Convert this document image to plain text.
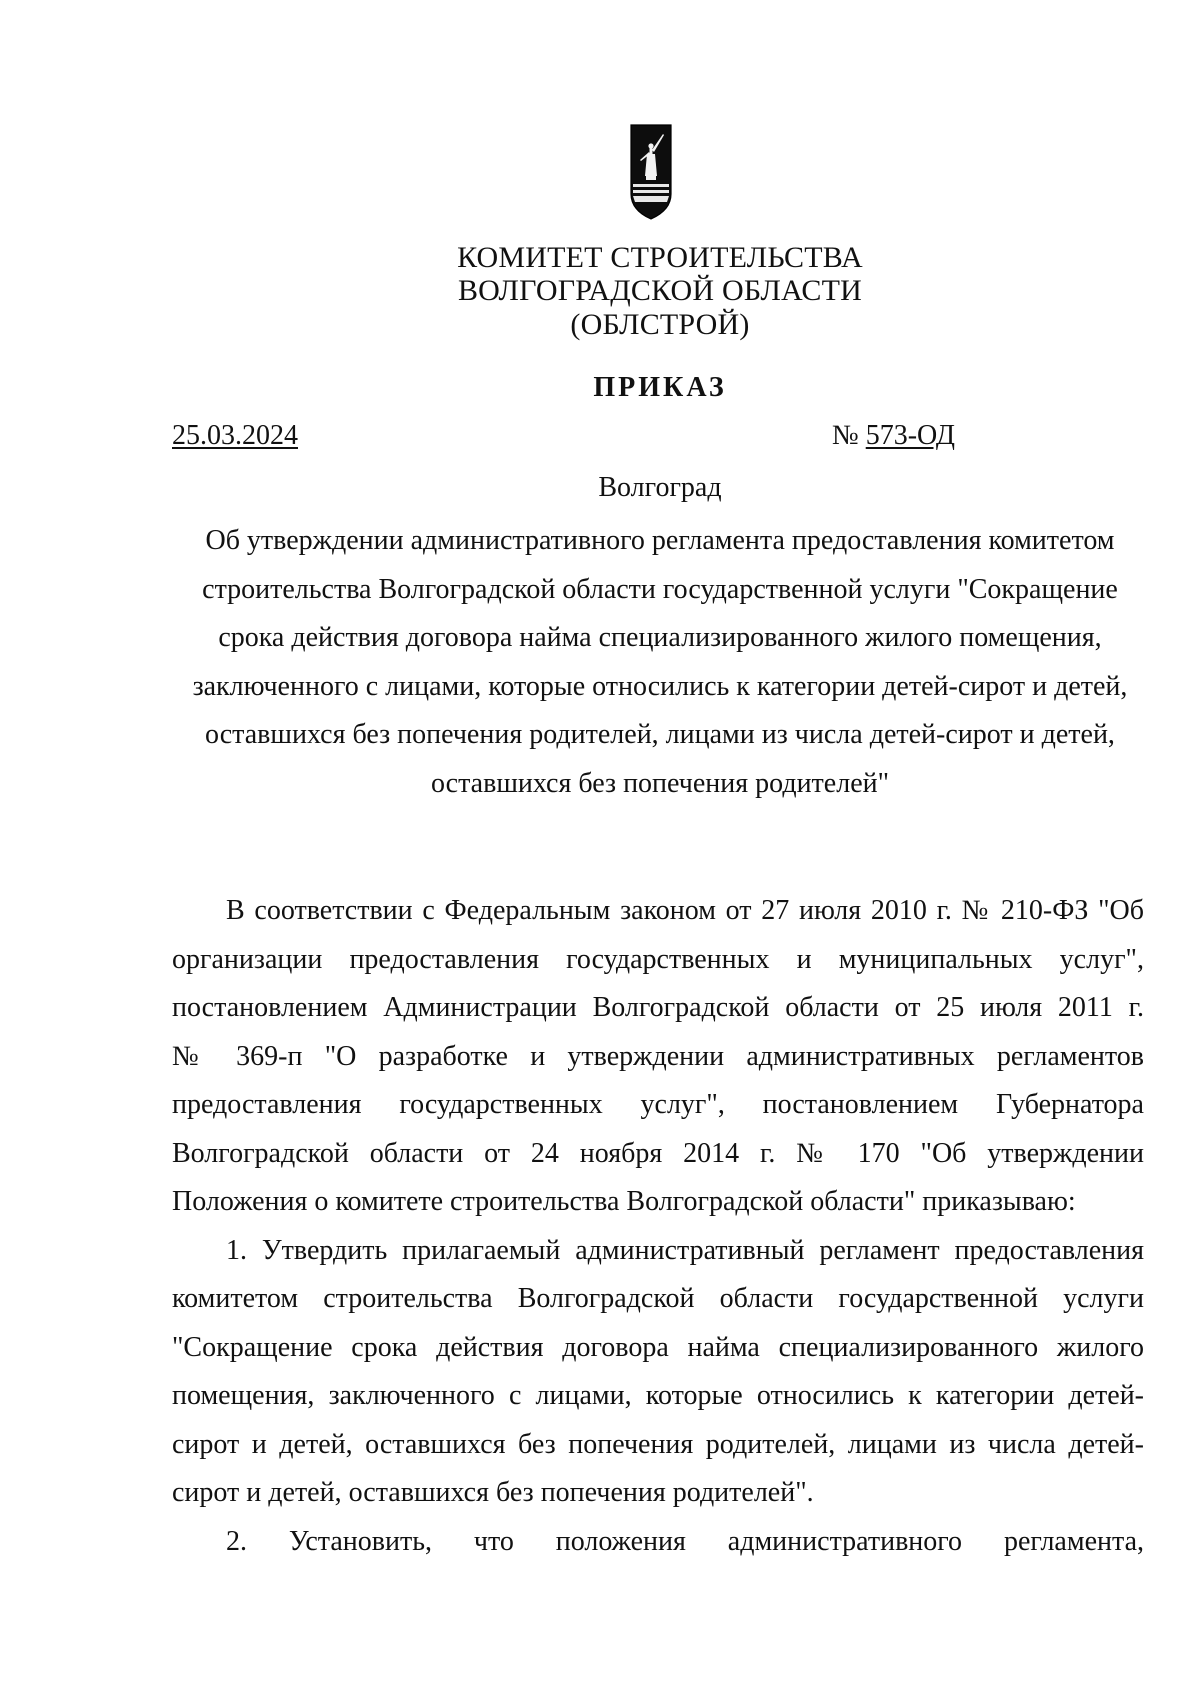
КОМИТЕТ СТРОИТЕЛЬСТВА
ВОЛГОГРАДСКОЙ ОБЛАСТИ
(ОБЛСТРОЙ)
ПРИКАЗ
25.03.2024	№ 573-ОД
Волгоград
Об утверждении административного регламента предоставления комитетом
строительства Волгоградской области государственной услуги "Сокращение
срока действия договора найма специализированного жилого помещения,
заключенного с лицами, которые относились к категории детей-сирот и детей,
оставшихся без попечения родителей, лицами из числа детей-сирот и детей,
оставшихся без попечения родителей"
В соответствии с Федеральным законом от 27 июля 2010 г. № 210-ФЗ "Об
организации предоставления государственных и муниципальных услуг",
постановлением Администрации Волгоградской области от 25 июля 2011 г.
№ 369-п "О разработке и утверждении административных регламентов
предоставления государственных услуг", постановлением Губернатора
Волгоградской области от 24 ноября 2014 г. № 170 "Об утверждении
Положения о комитете строительства Волгоградской области" приказываю:
1. Утвердить прилагаемый административный регламент предоставления
комитетом строительства Волгоградской области государственной услуги
"Сокращение срока действия договора найма специализированного жилого
помещения, заключенного с лицами, которые относились к категории детей-
сирот и детей, оставшихся без попечения родителей, лицами из числа детей-
сирот и детей, оставшихся без попечения родителей".
2. Установить, что положения административного регламента,
